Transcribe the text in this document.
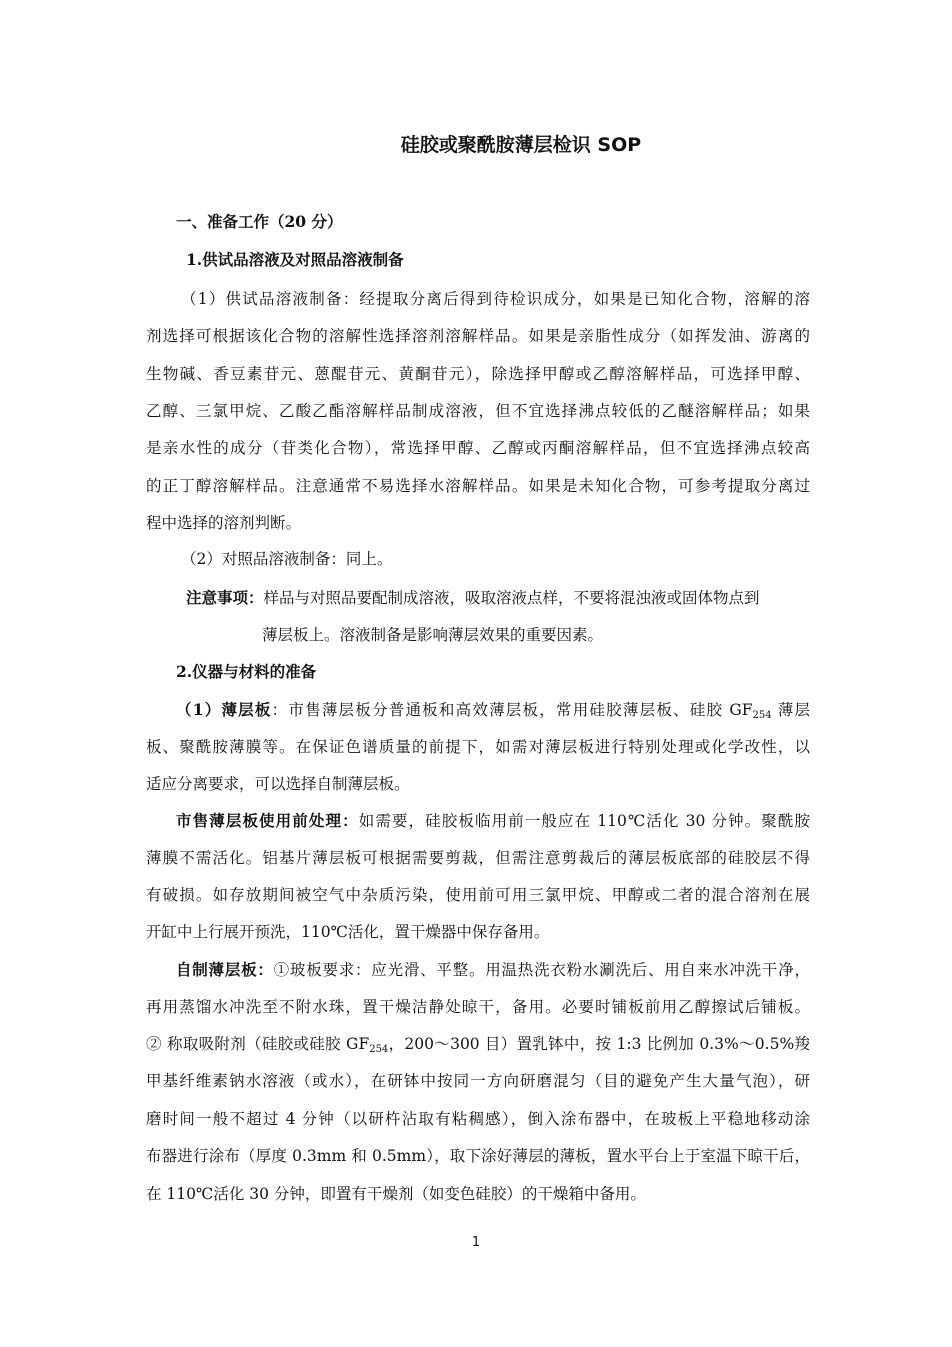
硅胶或聚酰胺薄层检识 SOP
一、准备工作（20 分）
1.供试品溶液及对照品溶液制备
（1）供试品溶液制备：经提取分离后得到待检识成分，如果是已知化合物，溶解的溶
剂选择可根据该化合物的溶解性选择溶剂溶解样品。如果是亲脂性成分（如挥发油、游离的
生物碱、香豆素苷元、蒽醌苷元、黄酮苷元），除选择甲醇或乙醇溶解样品，可选择甲醇、
乙醇、三氯甲烷、乙酸乙酯溶解样品制成溶液，但不宜选择沸点较低的乙醚溶解样品；如果
是亲水性的成分（苷类化合物），常选择甲醇、乙醇或丙酮溶解样品，但不宜选择沸点较高
的正丁醇溶解样品。注意通常不易选择水溶解样品。如果是未知化合物，可参考提取分离过
程中选择的溶剂判断。
（2）对照品溶液制备：同上。
注意事项：样品与对照品要配制成溶液，吸取溶液点样，不要将混浊液或固体物点到
薄层板上。溶液制备是影响薄层效果的重要因素。
2.仪器与材料的准备
（1）薄层板：市售薄层板分普通板和高效薄层板，常用硅胶薄层板、硅胶 $GF_{254}$ 薄层
板、聚酰胺薄膜等。在保证色谱质量的前提下，如需对薄层板进行特别处理或化学改性，以
适应分离要求，可以选择自制薄层板。
市售薄层板使用前处理：如需要，硅胶板临用前一般应在 110℃活化 30 分钟。聚酰胺
薄膜不需活化。铝基片薄层板可根据需要剪裁，但需注意剪裁后的薄层板底部的硅胶层不得
有破损。如存放期间被空气中杂质污染，使用前可用三氯甲烷、甲醇或二者的混合溶剂在展
开缸中上行展开预洗，110℃活化，置干燥器中保存备用。
自制薄层板：①玻板要求：应光滑、平整。用温热洗衣粉水涮洗后、用自来水冲洗干净，
再用蒸馏水冲洗至不附水珠，置干燥洁静处晾干，备用。必要时铺板前用乙醇擦试后铺板。
② 称取吸附剂（硅胶或硅胶 $GF_{254}$，200～300 目）置乳钵中，按 1:3 比例加 0.3%～0.5%羧
甲基纤维素钠水溶液（或水），在研钵中按同一方向研磨混匀（目的避免产生大量气泡），研
磨时间一般不超过 4 分钟（以研杵沾取有粘稠感），倒入涂布器中，在玻板上平稳地移动涂
布器进行涂布（厚度 0.3mm 和 0.5mm），取下涂好薄层的薄板，置水平台上于室温下晾干后，
在 110℃活化 30 分钟，即置有干燥剂（如变色硅胶）的干燥箱中备用。
1
